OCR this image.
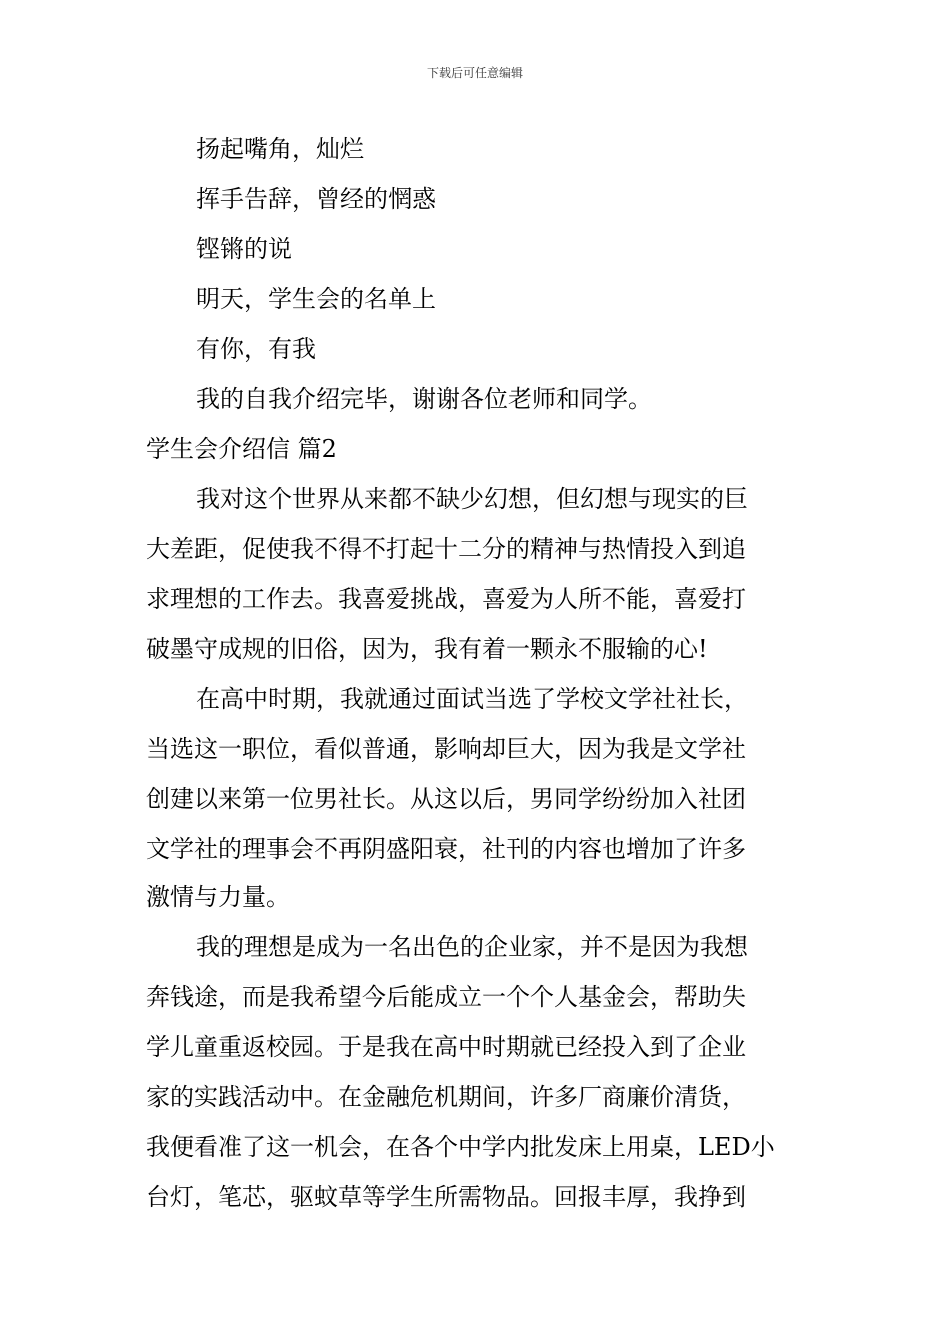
下载后可任意编辑
扬起嘴角，灿烂
挥手告辞，曾经的惘惑
铿锵的说
明天，学生会的名单上
有你，有我
我的自我介绍完毕，谢谢各位老师和同学。
学生会介绍信 篇2
我对这个世界从来都不缺少幻想，但幻想与现实的巨
大差距，促使我不得不打起十二分的精神与热情投入到追
求理想的工作去。我喜爱挑战，喜爱为人所不能，喜爱打
破墨守成规的旧俗，因为，我有着一颗永不服输的心!
在高中时期，我就通过面试当选了学校文学社社长，
当选这一职位，看似普通，影响却巨大，因为我是文学社
创建以来第一位男社长。从这以后，男同学纷纷加入社团
文学社的理事会不再阴盛阳衰，社刊的内容也增加了许多
激情与力量。
我的理想是成为一名出色的企业家，并不是因为我想
奔钱途，而是我希望今后能成立一个个人基金会，帮助失
学儿童重返校园。于是我在高中时期就已经投入到了企业
家的实践活动中。在金融危机期间，许多厂商廉价清货，
我便看准了这一机会，在各个中学内批发床上用桌，LED小
台灯，笔芯，驱蚊草等学生所需物品。回报丰厚，我挣到
